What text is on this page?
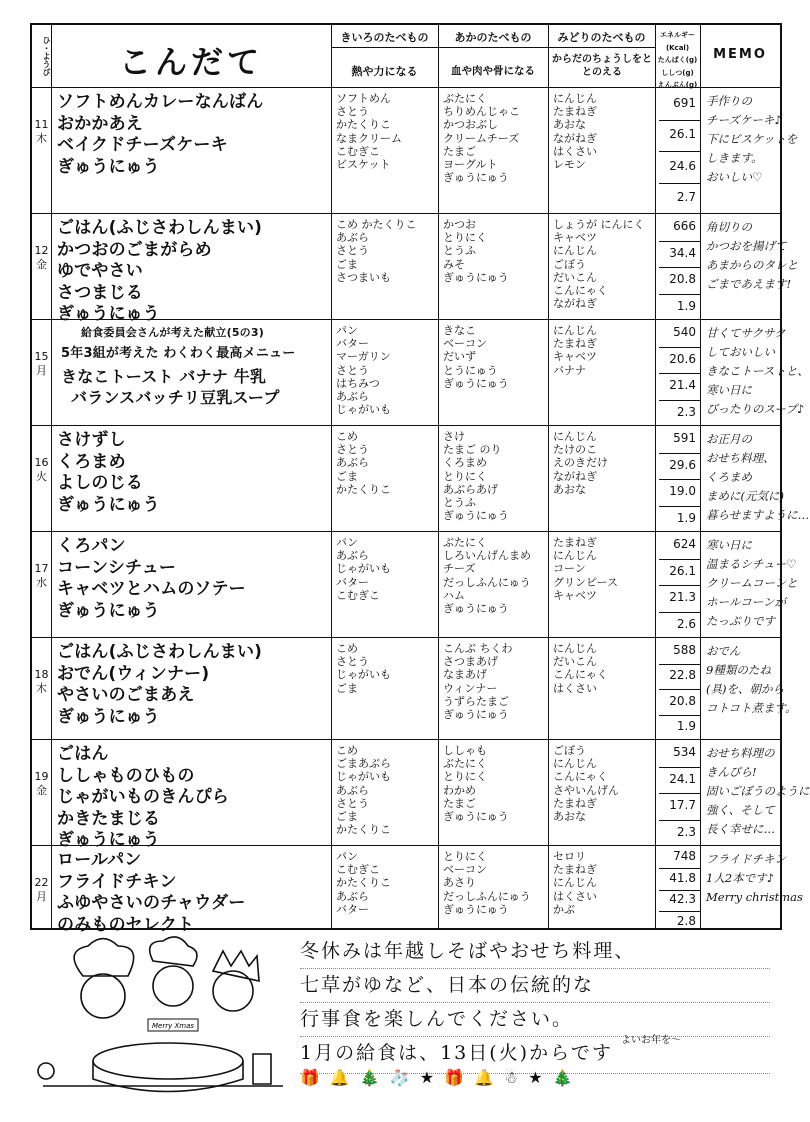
ひ・ようび	こんだて
きいろのたべもの
熱や力になる
あかのたべもの
血や肉や骨になる
みどりのたべもの
からだのちょうしをととのえる
エネルギー(Kcal)
たんぱく(g)
ししつ(g)
えんぶん(g)
MEMO
11
木
ソフトめんカレーなんばん
おかかあえ
ベイクドチーズケーキ
ぎゅうにゅう
ソフトめん
さとう
かたくりこ
なまクリーム
こむぎこ
ビスケット
ぶたにく
ちりめんじゃこ
かつおぶし
クリームチーズ
たまご
ヨーグルト
ぎゅうにゅう
にんじん
たまねぎ
あおな
ながねぎ
はくさい
レモン
691
26.1
24.6
2.7
手作りの
チーズケーキ♪
下にビスケットを
しきます。
おいしい♡
12
金
ごはん(ふじさわしんまい)
かつおのごまがらめ
ゆでやさい
さつまじる
ぎゅうにゅう
こめ かたくりこ
あぶら
さとう
ごま
さつまいも
かつお
とりにく
とうふ
みそ
ぎゅうにゅう
しょうが にんにく
キャベツ
にんじん
ごぼう
だいこん
こんにゃく
ながねぎ
666
34.4
20.8
1.9
角切りの
かつおを揚げて
あまからのタレと
ごまであえます!
15
月
給食委員会さんが考えた献立(5の3)
5年3組が考えた わくわく最高メニュー
きなこトースト バナナ 牛乳
バランスバッチリ豆乳スープ
パン
バター
マーガリン
さとう
はちみつ
あぶら
じゃがいも
きなこ
ベーコン
だいず
とうにゅう
ぎゅうにゅう
にんじん
たまねぎ
キャベツ
バナナ
540
20.6
21.4
2.3
甘くてサクサク
しておいしい
きなこトーストと、
寒い日に
ぴったりのスープ♪
16
火
さけずし
くろまめ
よしのじる
ぎゅうにゅう
こめ
さとう
あぶら
ごま
かたくりこ
さけ
たまご のり
くろまめ
とりにく
あぶらあげ
とうふ
ぎゅうにゅう
にんじん
たけのこ
えのきだけ
ながねぎ
あおな
591
29.6
19.0
1.9
お正月の
おせち料理、
くろまめ
まめに(元気に)
暮らせますように…
17
水
くろパン
コーンシチュー
キャベツとハムのソテー
ぎゅうにゅう
パン
あぶら
じゃがいも
バター
こむぎこ
ぶたにく
しろいんげんまめ
チーズ
だっしふんにゅう
ハム
ぎゅうにゅう
たまねぎ
にんじん
コーン
グリンピース
キャベツ
624
26.1
21.3
2.6
寒い日に
温まるシチュー♡
クリームコーンと
ホールコーンが
たっぷりです
18
木
ごはん(ふじさわしんまい)
おでん(ウィンナー)
やさいのごまあえ
ぎゅうにゅう
こめ
さとう
じゃがいも
ごま
こんぶ ちくわ
さつまあげ
なまあげ
ウィンナー
うずらたまご
ぎゅうにゅう
にんじん
だいこん
こんにゃく
はくさい
588
22.8
20.8
1.9
おでん
9種類のたね
(具)を、朝から
コトコト煮ます。
19
金
ごはん
ししゃものひもの
じゃがいものきんぴら
かきたまじる
ぎゅうにゅう
こめ
ごまあぶら
じゃがいも
あぶら
さとう
ごま
かたくりこ
ししゃも
ぶたにく
とりにく
わかめ
たまご
ぎゅうにゅう
ごぼう
にんじん
こんにゃく
さやいんげん
たまねぎ
あおな
534
24.1
17.7
2.3
おせち料理の
きんぴら!
固いごぼうのように
強く、そして
長く幸せに…
22
月
ロールパン
フライドチキン
ふゆやさいのチャウダー
のみものセレクト
パン
こむぎこ
かたくりこ
あぶら
バター
とりにく
ベーコン
あさり
だっしふんにゅう
ぎゅうにゅう
セロリ
たまねぎ
にんじん
はくさい
かぶ
748
41.8
42.3
2.8
フライドチキン
1人2本です♪
Merry christmas
Merry Xmas
冬休みは年越しそばやおせち料理、
七草がゆなど、日本の伝統的な
行事食を楽しんでください。
1月の給食は、13日(火)からです $^{よいお年を〜}$
🎁🔔🎄🧦★🎁🔔☃★🎄
